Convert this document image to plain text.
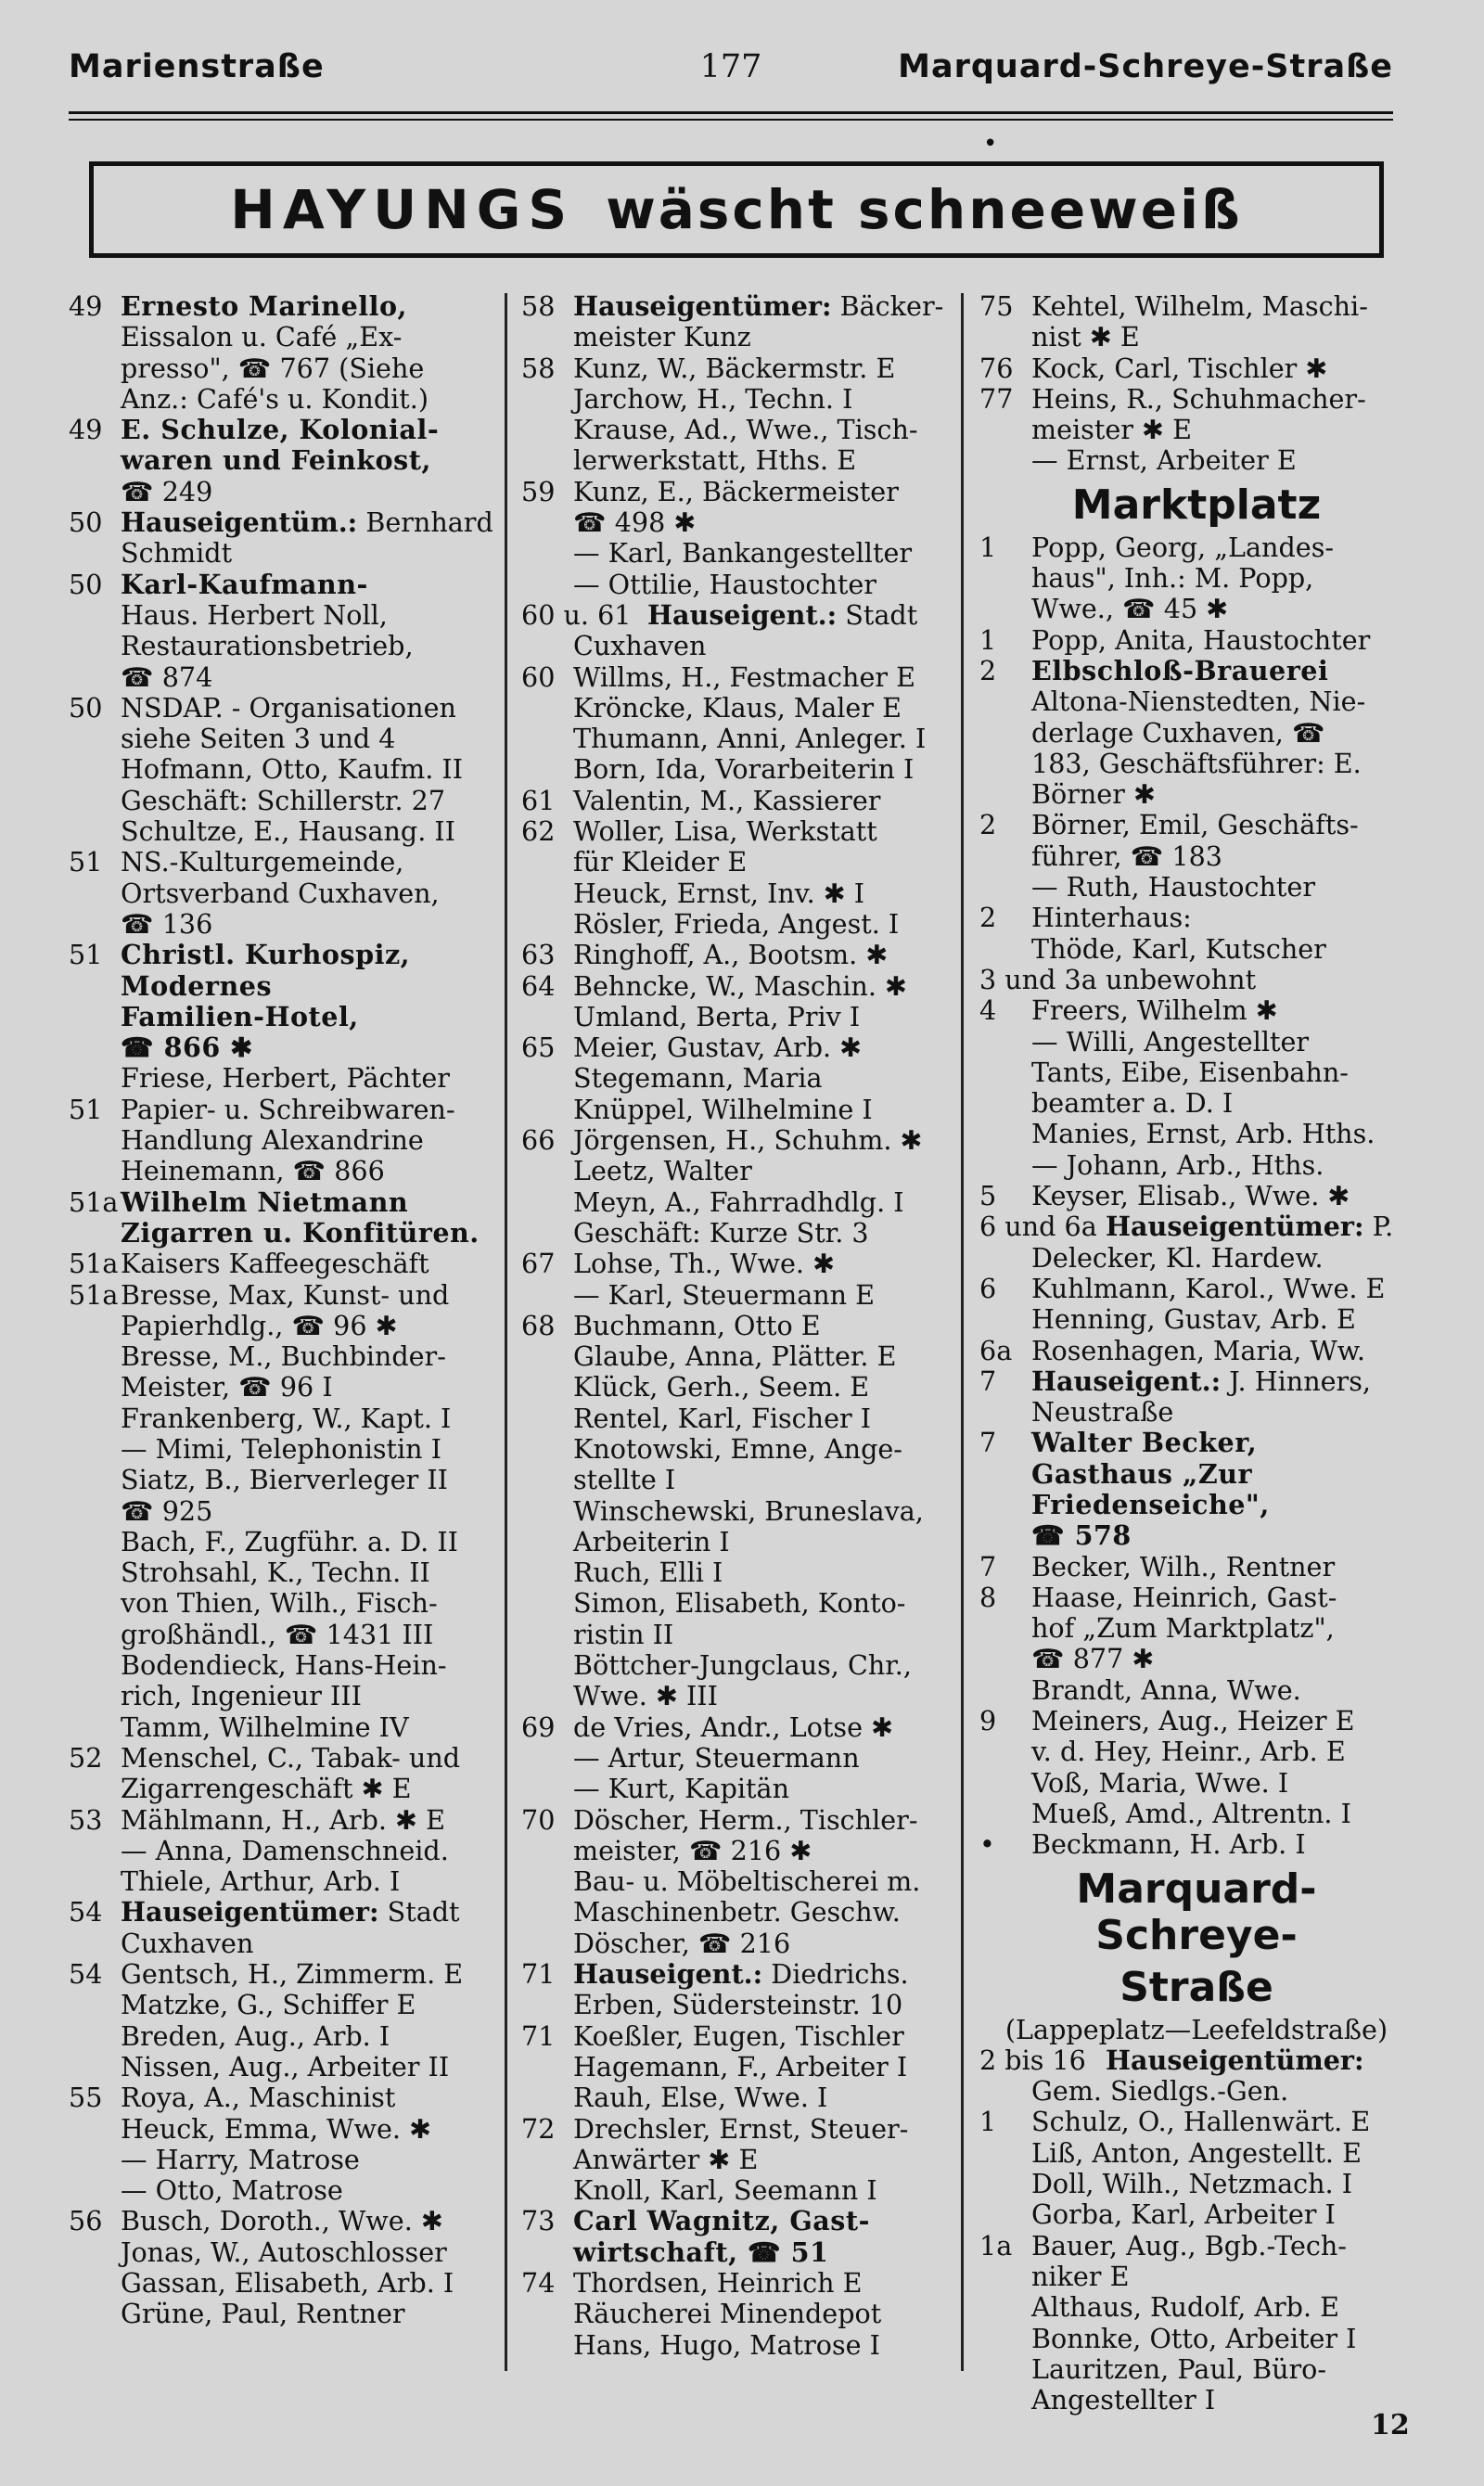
Marienstraße	177	Marquard-Schreye-Straße
•
HAYUNGS wäscht schneeweiß
49 Ernesto Marinello,
Eissalon u. Café „Ex-
presso", ☎ 767 (Siehe
Anz.: Café's u. Kondit.)
49 E. Schulze, Kolonial-
waren und Feinkost,
☎ 249
50 Hauseigentüm.: Bernhard
Schmidt
50 Karl-Kaufmann-
Haus. Herbert Noll,
Restaurationsbetrieb,
☎ 874
50 NSDAP. - Organisationen
siehe Seiten 3 und 4
Hofmann, Otto, Kaufm. II
Geschäft: Schillerstr. 27
Schultze, E., Hausang. II
51 NS.-Kulturgemeinde,
Ortsverband Cuxhaven,
☎ 136
51 Christl. Kurhospiz,
Modernes
Familien-Hotel,
☎ 866 ✱
Friese, Herbert, Pächter
51 Papier- u. Schreibwaren-
Handlung Alexandrine
Heinemann, ☎ 866
51a Wilhelm Nietmann
Zigarren u. Konfitüren.
51a Kaisers Kaffeegeschäft
51a Bresse, Max, Kunst- und
Papierhdlg., ☎ 96 ✱
Bresse, M., Buchbinder-
Meister, ☎ 96 I
Frankenberg, W., Kapt. I
— Mimi, Telephonistin I
Siatz, B., Bierverleger II
☎ 925
Bach, F., Zugführ. a. D. II
Strohsahl, K., Techn. II
von Thien, Wilh., Fisch-
großhändl., ☎ 1431 III
Bodendieck, Hans-Hein-
rich, Ingenieur III
Tamm, Wilhelmine IV
52 Menschel, C., Tabak- und
Zigarrengeschäft ✱ E
53 Mählmann, H., Arb. ✱ E
— Anna, Damenschneid.
Thiele, Arthur, Arb. I
54 Hauseigentümer: Stadt
Cuxhaven
54 Gentsch, H., Zimmerm. E
Matzke, G., Schiffer E
Breden, Aug., Arb. I
Nissen, Aug., Arbeiter II
55 Roya, A., Maschinist
Heuck, Emma, Wwe. ✱
— Harry, Matrose
— Otto, Matrose
56 Busch, Doroth., Wwe. ✱
Jonas, W., Autoschlosser
Gassan, Elisabeth, Arb. I
Grüne, Paul, Rentner
58 Hauseigentümer: Bäcker-
meister Kunz
58 Kunz, W., Bäckermstr. E
Jarchow, H., Techn. I
Krause, Ad., Wwe., Tisch-
lerwerkstatt, Hths. E
59 Kunz, E., Bäckermeister
☎ 498 ✱
— Karl, Bankangestellter
— Ottilie, Haustochter
60 u. 61 Hauseigent.: Stadt
Cuxhaven
60 Willms, H., Festmacher E
Kröncke, Klaus, Maler E
Thumann, Anni, Anleger. I
Born, Ida, Vorarbeiterin I
61 Valentin, M., Kassierer
62 Woller, Lisa, Werkstatt
für Kleider E
Heuck, Ernst, Inv. ✱ I
Rösler, Frieda, Angest. I
63 Ringhoff, A., Bootsm. ✱
64 Behncke, W., Maschin. ✱
Umland, Berta, Priv I
65 Meier, Gustav, Arb. ✱
Stegemann, Maria
Knüppel, Wilhelmine I
66 Jörgensen, H., Schuhm. ✱
Leetz, Walter
Meyn, A., Fahrradhdlg. I
Geschäft: Kurze Str. 3
67 Lohse, Th., Wwe. ✱
— Karl, Steuermann E
68 Buchmann, Otto E
Glaube, Anna, Plätter. E
Klück, Gerh., Seem. E
Rentel, Karl, Fischer I
Knotowski, Emne, Ange-
stellte I
Winschewski, Bruneslava,
Arbeiterin I
Ruch, Elli I
Simon, Elisabeth, Konto-
ristin II
Böttcher-Jungclaus, Chr.,
Wwe. ✱ III
69 de Vries, Andr., Lotse ✱
— Artur, Steuermann
— Kurt, Kapitän
70 Döscher, Herm., Tischler-
meister, ☎ 216 ✱
Bau- u. Möbeltischerei m.
Maschinenbetr. Geschw.
Döscher, ☎ 216
71 Hauseigent.: Diedrichs.
Erben, Südersteinstr. 10
71 Koeßler, Eugen, Tischler
Hagemann, F., Arbeiter I
Rauh, Else, Wwe. I
72 Drechsler, Ernst, Steuer-
Anwärter ✱ E
Knoll, Karl, Seemann I
73 Carl Wagnitz, Gast-
wirtschaft, ☎ 51
74 Thordsen, Heinrich E
Räucherei Minendepot
Hans, Hugo, Matrose I
75 Kehtel, Wilhelm, Maschi-
nist ✱ E
76 Kock, Carl, Tischler ✱
77 Heins, R., Schuhmacher-
meister ✱ E
— Ernst, Arbeiter E
Marktplatz
1	Popp, Georg, „Landes-
haus", Inh.: M. Popp,
Wwe., ☎ 45 ✱
1	Popp, Anita, Haustochter
2	Elbschloß-Brauerei
Altona-Nienstedten, Nie-
derlage Cuxhaven, ☎
183, Geschäftsführer: E.
Börner ✱
2	Börner, Emil, Geschäfts-
führer, ☎ 183
— Ruth, Haustochter
2	Hinterhaus:
Thöde, Karl, Kutscher
3 und 3a unbewohnt
4	Freers, Wilhelm ✱
— Willi, Angestellter
Tants, Eibe, Eisenbahn-
beamter a. D. I
Manies, Ernst, Arb. Hths.
— Johann, Arb., Hths.
5	Keyser, Elisab., Wwe. ✱
6 und 6a Hauseigentümer: P.
Delecker, Kl. Hardew.
6	Kuhlmann, Karol., Wwe. E
Henning, Gustav, Arb. E
6a Rosenhagen, Maria, Ww.
7	Hauseigent.: J. Hinners,
Neustraße
7	Walter Becker,
Gasthaus „Zur
Friedenseiche",
☎ 578
7	Becker, Wilh., Rentner
8	Haase, Heinrich, Gast-
hof „Zum Marktplatz",
☎ 877 ✱
Brandt, Anna, Wwe.
9	Meiners, Aug., Heizer E
v. d. Hey, Heinr., Arb. E
Voß, Maria, Wwe. I
Mueß, Amd., Altrentn. I
•	Beckmann, H. Arb. I
Marquard-Schreye-
Straße
(Lappeplatz—Leefeldstraße)
2 bis 16 Hauseigentümer:
Gem. Siedlgs.-Gen.
1	Schulz, O., Hallenwärt. E
Liß, Anton, Angestellt. E
Doll, Wilh., Netzmach. I
Gorba, Karl, Arbeiter I
1a Bauer, Aug., Bgb.-Tech-
niker E
Althaus, Rudolf, Arb. E
Bonnke, Otto, Arbeiter I
Lauritzen, Paul, Büro-
Angestellter I
12
